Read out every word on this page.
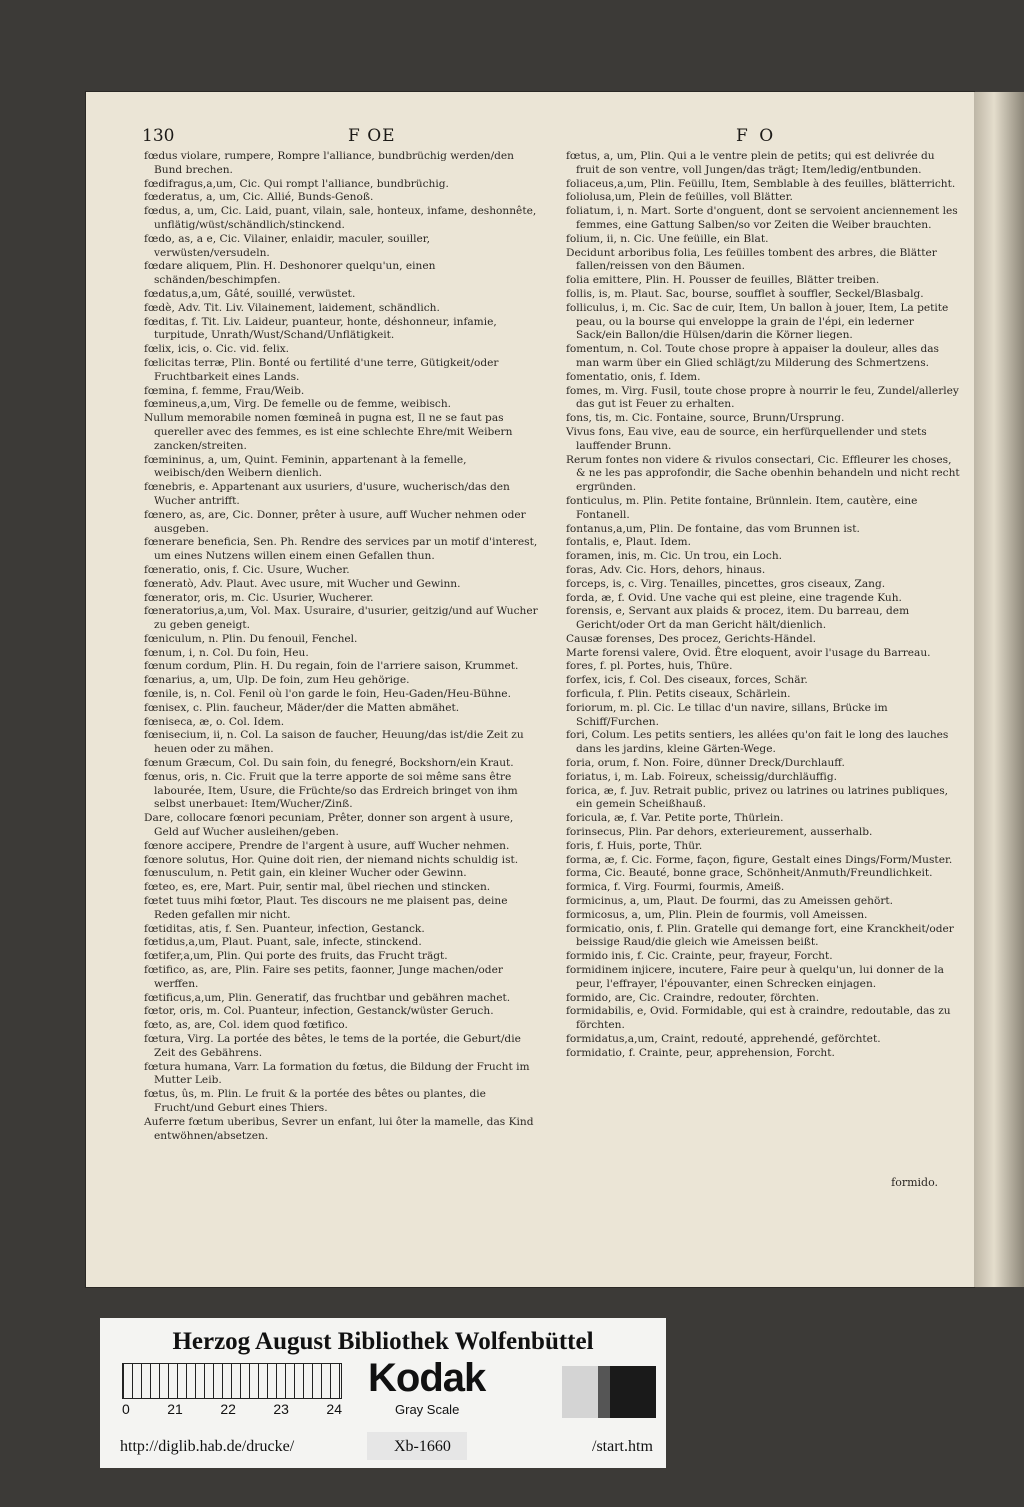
130	F OE	F O

fœdus violare, rumpere, Rompre l'alliance, bundbrüchig werden/den Bund brechen.

fœdifragus,a,um, Cic. Qui rompt l'alliance, bundbrüchig.

fœderatus, a, um, Cic. Allié, Bunds-Genoß.

fœdus, a, um, Cic. Laid, puant, vilain, sale, honteux, infame, deshonnête, unflätig/wüst/schändlich/stinckend.

fœdo, as, a e, Cic. Vilainer, enlaidir, maculer, souiller, verwüsten/versudeln.

fœdare aliquem, Plin. H. Deshonorer quelqu'un, einen schänden/beschimpfen.

fœdatus,a,um, Gâté, souillé, verwüstet.

fœdè, Adv. Tit. Liv. Vilainement, laidement, schändlich.

fœditas, f. Tit. Liv. Laideur, puanteur, honte, déshonneur, infamie, turpitude, Unrath/Wust/Schand/Unflätigkeit.

fœlix, icis, o. Cic. vid. felix.

fœlicitas terræ, Plin. Bonté ou fertilité d'une terre, Gütigkeit/oder Fruchtbarkeit eines Lands.

fœmina, f. femme, Frau/Weib.

fœmineus,a,um, Virg. De femelle ou de femme, weibisch.

Nullum memorabile nomen fœmineâ in pugna est, Il ne se faut pas quereller avec des femmes, es ist eine schlechte Ehre/mit Weibern zancken/streiten.

fœmininus, a, um, Quint. Feminin, appartenant à la femelle, weibisch/den Weibern dienlich.

fœnebris, e. Appartenant aux usuriers, d'usure, wucherisch/das den Wucher antrifft.

fœnero, as, are, Cic. Donner, prêter à usure, auff Wucher nehmen oder ausgeben.

fœnerare beneficia, Sen. Ph. Rendre des services par un motif d'interest, um eines Nutzens willen einem einen Gefallen thun.

fœneratio, onis, f. Cic. Usure, Wucher.

fœneratò, Adv. Plaut. Avec usure, mit Wucher und Gewinn.

fœnerator, oris, m. Cic. Usurier, Wucherer.

fœneratorius,a,um, Vol. Max. Usuraire, d'usurier, geitzig/und auf Wucher zu geben geneigt.

fœniculum, n. Plin. Du fenouil, Fenchel.

fœnum, i, n. Col. Du foin, Heu.

fœnum cordum, Plin. H. Du regain, foin de l'arriere saison, Krummet.

fœnarius, a, um, Ulp. De foin, zum Heu gehörige.

fœnile, is, n. Col. Fenil où l'on garde le foin, Heu-Gaden/Heu-Bühne.

fœnisex, c. Plin. faucheur, Mäder/der die Matten abmähet.

fœnisecа, æ, o. Col. Idem.

fœnisecium, ii, n. Col. La saison de faucher, Heuung/das ist/die Zeit zu heuen oder zu mähen.

fœnum Græcum, Col. Du sain foin, du fenegré, Bockshorn/ein Kraut.

fœnus, oris, n. Cic. Fruit que la terre apporte de soi même sans être labourée, Item, Usure, die Früchte/so das Erdreich bringet von ihm selbst unerbauet: Item/Wucher/Zinß.

Dare, collocare fœnori pecuniam, Prêter, donner son argent à usure, Geld auf Wucher ausleihen/geben.

fœnore accipere, Prendre de l'argent à usure, auff Wucher nehmen.

fœnore solutus, Hor. Quine doit rien, der niemand nichts schuldig ist.

fœnusculum, n. Petit gain, ein kleiner Wucher oder Gewinn.

fœteo, es, ere, Mart. Puir, sentir mal, übel riechen und stincken.

fœtet tuus mihi fœtor, Plaut. Tes discours ne me plaisent pas, deine Reden gefallen mir nicht.

fœtiditas, atis, f. Sen. Puanteur, infection, Gestanck.

fœtidus,a,um, Plaut. Puant, sale, infecte, stinckend.

fœtifer,a,um, Plin. Qui porte des fruits, das Frucht trägt.

fœtifico, as, are, Plin. Faire ses petits, faonner, Junge machen/oder werffen.

fœtificus,a,um, Plin. Generatif, das fruchtbar und gebähren machet.

fœtor, oris, m. Col. Puanteur, infection, Gestanck/wüster Geruch.

fœto, as, are, Col. idem quod fœtifico.

fœtura, Virg. La portée des bêtes, le tems de la portée, die Geburt/die Zeit des Gebährens.

fœtura humana, Varr. La formation du fœtus, die Bildung der Frucht im Mutter Leib.

fœtus, ûs, m. Plin. Le fruit & la portée des bêtes ou plantes, die Frucht/und Geburt eines Thiers.

Auferre fœtum uberibus, Sevrer un enfant, lui ôter la mamelle, das Kind entwöhnen/absetzen.

fœtus, a, um, Plin. Qui a le ventre plein de petits; qui est delivrée du fruit de son ventre, voll Jungen/das trägt; Item/ledig/entbunden.

foliaceus,a,um, Plin. Feüillu, Item, Semblable à des feuilles, blätterricht.

foliolusa,um, Plein de feüilles, voll Blätter.

foliatum, i, n. Mart. Sorte d'onguent, dont se servoient anciennement les femmes, eine Gattung Salben/so vor Zeiten die Weiber brauchten.

folium, ii, n. Cic. Une feüille, ein Blat.

Decidunt arboribus folia, Les feüilles tombent des arbres, die Blätter fallen/reissen von den Bäumen.

folia emittere, Plin. H. Pousser de feuilles, Blätter treiben.

follis, is, m. Plaut. Sac, bourse, soufflet à souffler, Seckel/Blasbalg.

folliculus, i, m. Cic. Sac de cuir, Item, Un ballon à jouer, Item, La petite peau, ou la bourse qui enveloppe la grain de l'épi, ein lederner Sack/ein Ballon/die Hülsen/darin die Körner liegen.

fomentum, n. Col. Toute chose propre à appaiser la douleur, alles das man warm über ein Glied schlägt/zu Milderung des Schmertzens.

fomentatio, onis, f. Idem.

fomes, m. Virg. Fusil, toute chose propre à nourrir le feu, Zundel/allerley das gut ist Feuer zu erhalten.

fons, tis, m. Cic. Fontaine, source, Brunn/Ursprung.

Vivus fons, Eau vive, eau de source, ein herfürquellender und stets lauffender Brunn.

Rerum fontes non videre & rivulos consectari, Cic. Effleurer les choses, & ne les pas approfondir, die Sache obenhin behandeln und nicht recht ergründen.

fonticulus, m. Plin. Petite fontaine, Brünnlein. Item, cautère, eine Fontanell.

fontanus,a,um, Plin. De fontaine, das vom Brunnen ist.

fontalis, e, Plaut. Idem.

foramen, inis, m. Cic. Un trou, ein Loch.

foras, Adv. Cic. Hors, dehors, hinaus.

forceps, is, c. Virg. Tenailles, pincettes, gros ciseaux, Zang.

forda, æ, f. Ovid. Une vache qui est pleine, eine tragende Kuh.

forensis, e, Servant aux plaids & procez, item. Du barreau, dem Gericht/oder Ort da man Gericht hält/dienlich.

Causæ forenses, Des procez, Gerichts-Händel.

Marte forensi valere, Ovid. Être eloquent, avoir l'usage du Barreau.

fores, f. pl. Portes, huis, Thüre.

forfex, icis, f. Col. Des ciseaux, forces, Schär.

forficula, f. Plin. Petits ciseaux, Schärlein.

foriorum, m. pl. Cic. Le tillac d'un navire, sillans, Brücke im Schiff/Furchen.

fori, Colum. Les petits sentiers, les allées qu'on fait le long des lauches dans les jardins, kleine Gärten-Wege.

foria, orum, f. Non. Foire, dünner Dreck/Durchlauff.

foriatus, i, m. Lab. Foireux, scheissig/durchläuffig.

forica, æ, f. Juv. Retrait public, privez ou latrines ou latrines publiques, ein gemein Scheißhauß.

foricula, æ, f. Var. Petite porte, Thürlein.

forinsecus, Plin. Par dehors, exterieurement, ausserhalb.

foris, f. Huis, porte, Thür.

forma, æ, f. Cic. Forme, façon, figure, Gestalt eines Dings/Form/Muster.

forma, Cic. Beauté, bonne grace, Schönheit/Anmuth/Freundlichkeit.

formica, f. Virg. Fourmi, fourmis, Ameiß.

formicinus, a, um, Plaut. De fourmi, das zu Ameissen gehört.

formicosus, a, um, Plin. Plein de fourmis, voll Ameissen.

formicatio, onis, f. Plin. Gratelle qui demange fort, eine Kranckheit/oder beissige Raud/die gleich wie Ameissen beißt.

formido inis, f. Cic. Crainte, peur, frayeur, Forcht.

formidinem injicere, incutere, Faire peur à quelqu'un, lui donner de la peur, l'effrayer, l'épouvanter, einen Schrecken einjagen.

formido, are, Cic. Craindre, redouter, förchten.

formidabilis, e, Ovid. Formidable, qui est à craindre, redoutable, das zu förchten.

formidatus,a,um, Craint, redouté, apprehendé, geförchtet.

formidatio, f. Crainte, peur, apprehension, Forcht.

formido.
Herzog August Bibliothek Wolfenbüttel
0	21	22	23	24
Kodak
Gray Scale
http://diglib.hab.de/drucke/	Xb-1660	/start.htm
